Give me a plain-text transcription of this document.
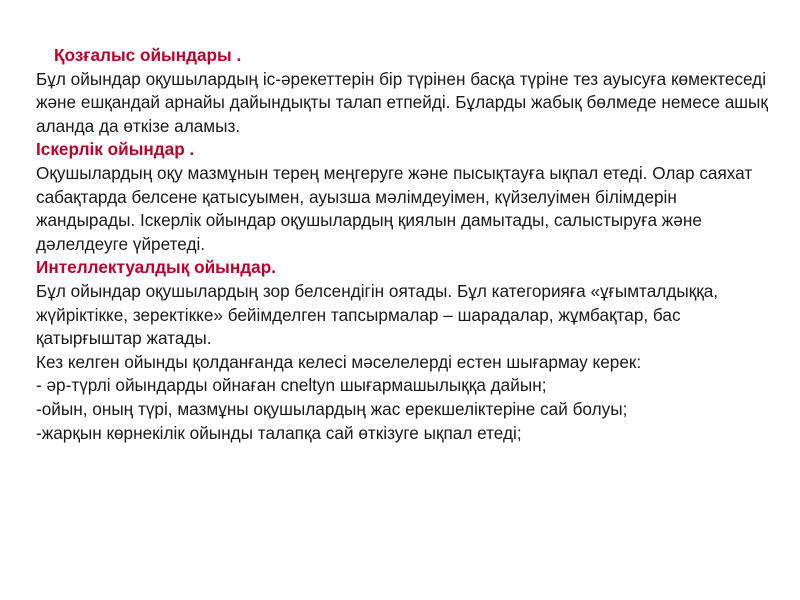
Қозғалыс ойындары .

Бұл ойындар оқушылардың іс-әрекеттерін бір түрінен басқа түріне тез ауысуға көмектеседі және ешқандай арнайы дайындықты талап етпейді. Бұларды жабық бөлмеде немесе ашық аланда да өткізе аламыз.

Іскерлік ойындар .

Оқушылардың оқу мазмұнын терең меңгеруге және пысықтауға ықпал етеді. Олар саяхат сабақтарда белсене қатысуымен, ауызша мәлімдеуімен, күйзелуімен білімдерін жандырады. Іскерлік ойындар оқушылардың қиялын дамытады, салыстыруға және дәлелдеуге үйретеді.

Интеллектуалдық ойындар.

Бұл ойындар оқушылардың зор белсендігін оятады. Бұл категорияға «ұғымталдыққа, жүйріктікке, зеректікке» бейімделген тапсырмалар – шарадалар, жұмбақтар, бас қатырғыштар жатады.

Кез келген ойынды қолданғанда келесі мәселелерді естен шығармау керек:

- әр-түрлі ойындарды ойнаған cneltyn шығармашылыққа дайын;

-ойын, оның түрі, мазмұны оқушылардың жас ерекшеліктеріне сай болуы;

-жарқын көрнекілік ойынды талапқа сай өткізуге ықпал етеді;
